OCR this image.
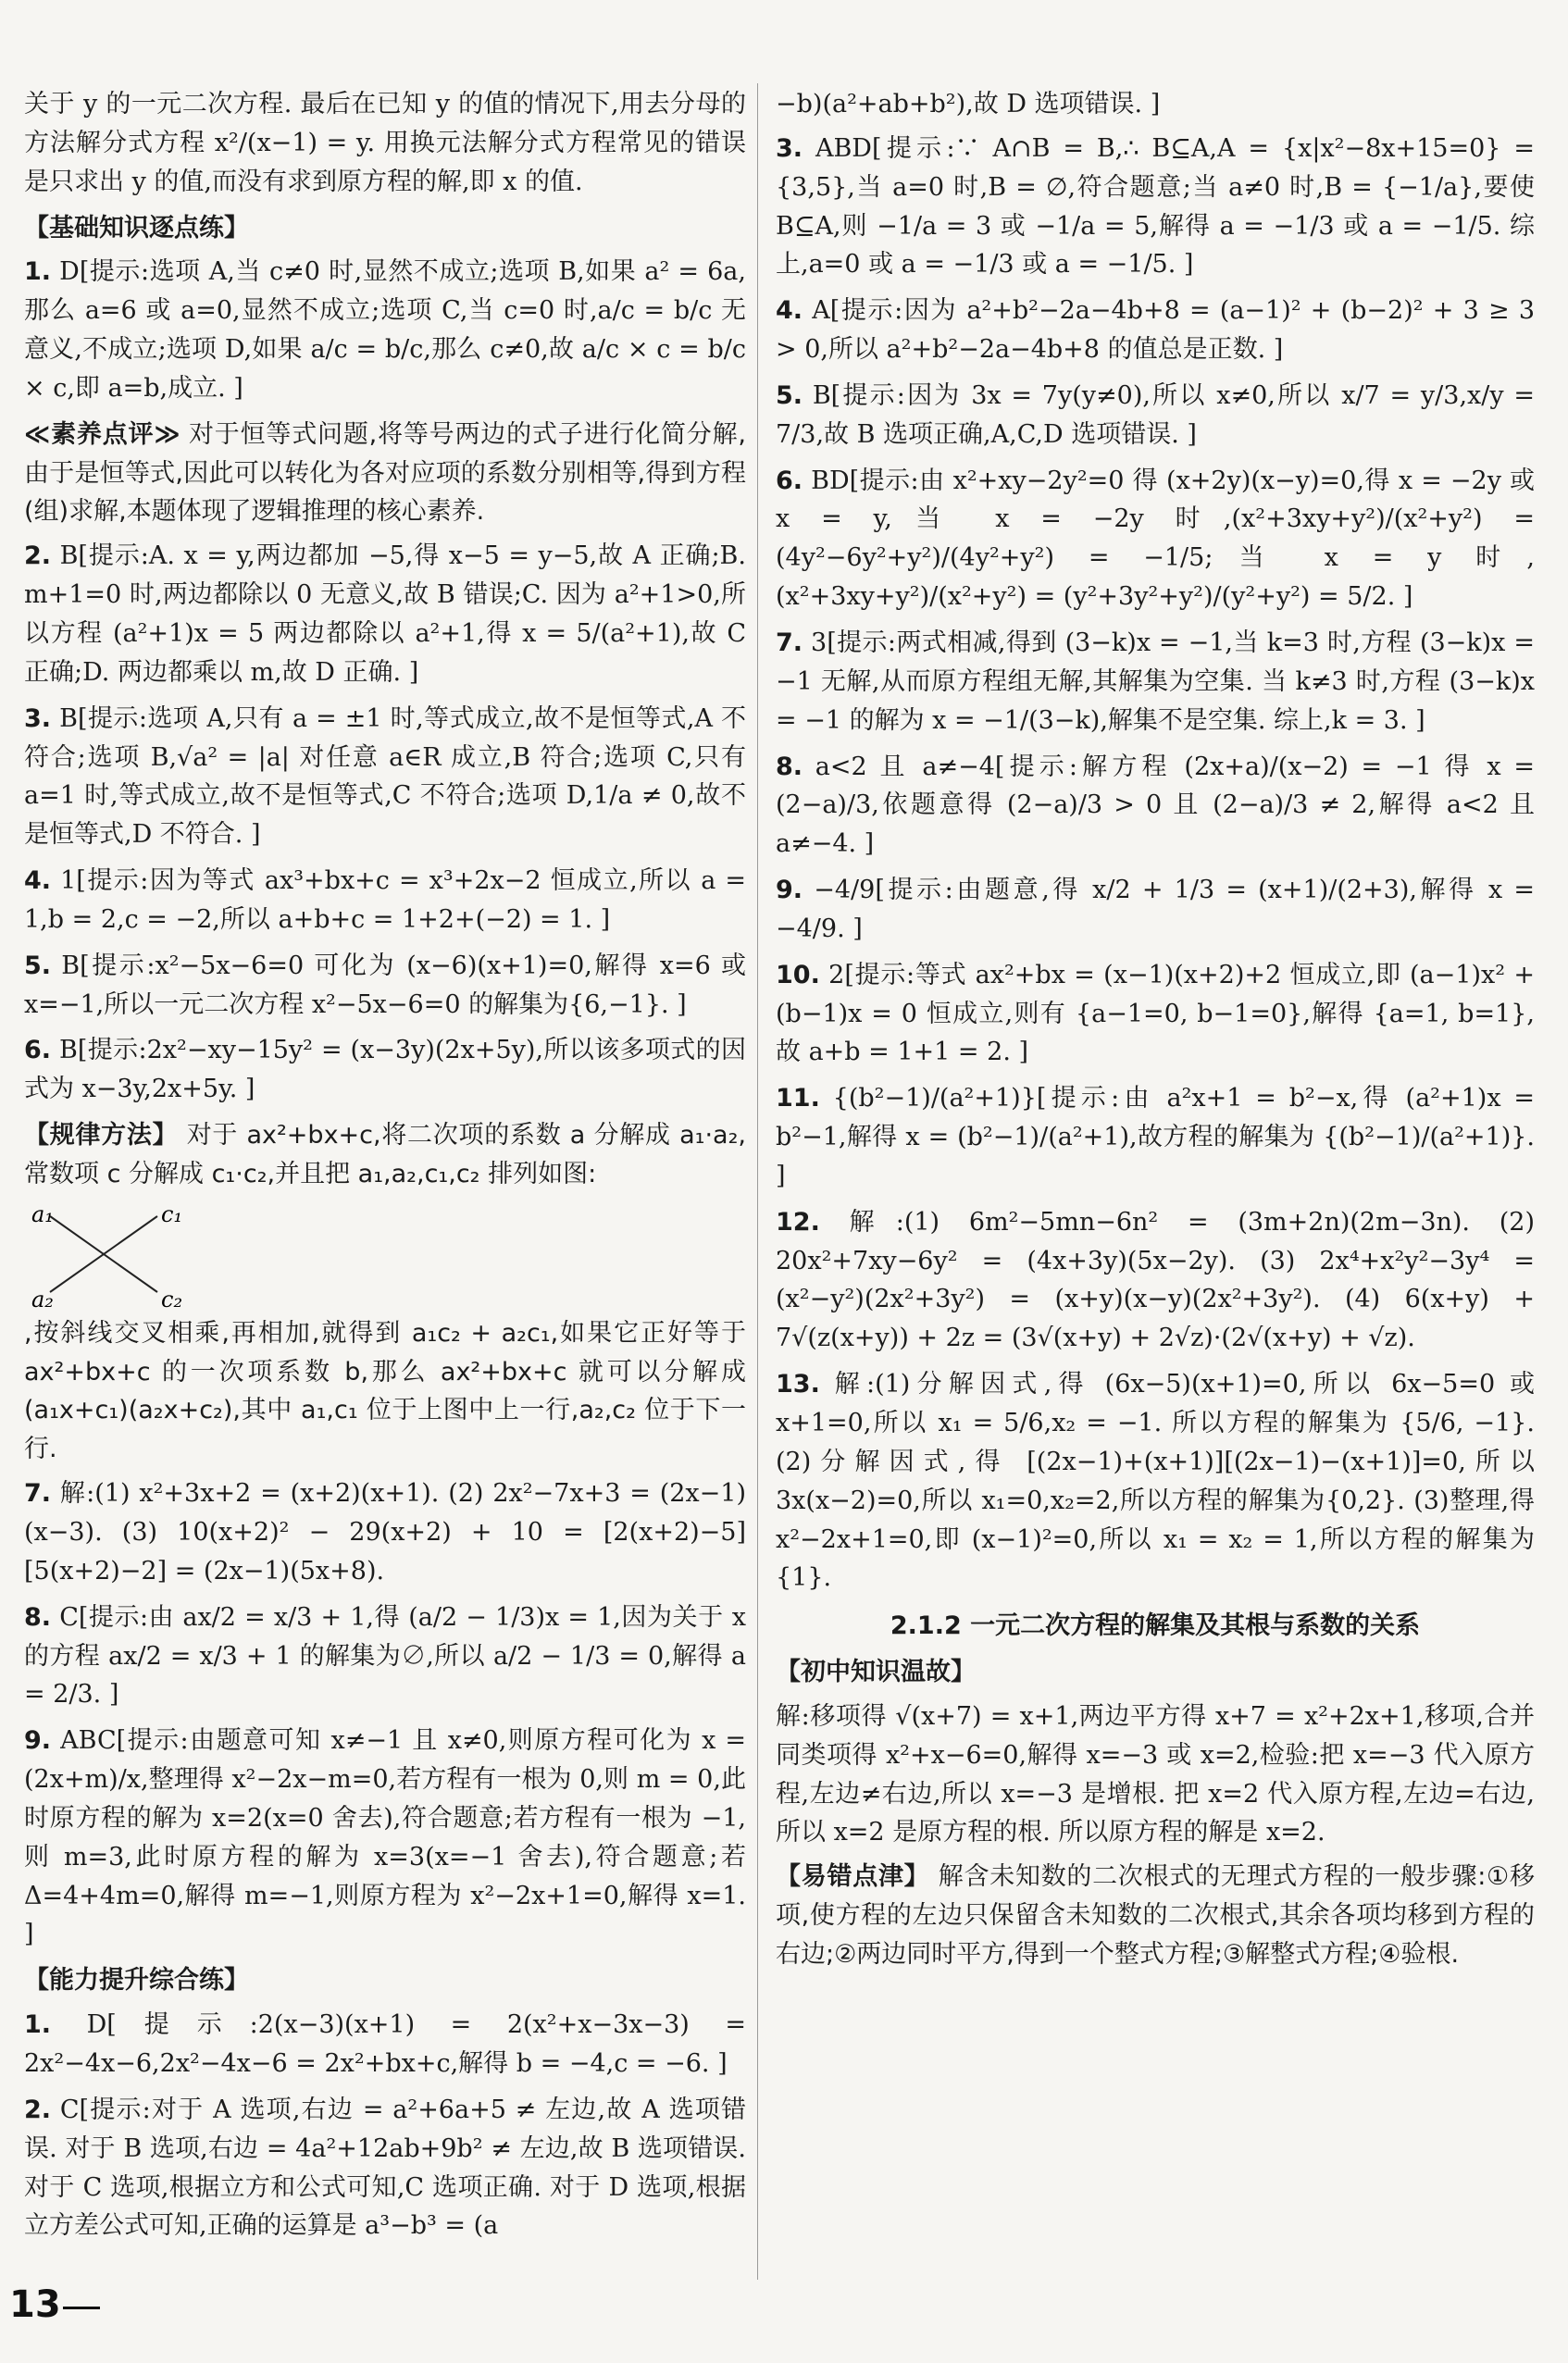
关于 y 的一元二次方程. 最后在已知 y 的值的情况下,用去分母的方法解分式方程 x²/(x−1) = y. 用换元法解分式方程常见的错误是只求出 y 的值,而没有求到原方程的解,即 x 的值.

【基础知识逐点练】
1. D[提示:选项 A,当 c≠0 时,显然不成立;选项 B,如果 a² = 6a,那么 a=6 或 a=0,显然不成立;选项 C,当 c=0 时,a/c = b/c 无意义,不成立;选项 D,如果 a/c = b/c,那么 c≠0,故 a/c × c = b/c × c,即 a=b,成立. ]

≪素养点评≫ 对于恒等式问题,将等号两边的式子进行化简分解,由于是恒等式,因此可以转化为各对应项的系数分别相等,得到方程(组)求解,本题体现了逻辑推理的核心素养.

2. B[提示:A. x = y,两边都加 −5,得 x−5 = y−5,故 A 正确;B. m+1=0 时,两边都除以 0 无意义,故 B 错误;C. 因为 a²+1>0,所以方程 (a²+1)x = 5 两边都除以 a²+1,得 x = 5/(a²+1),故 C 正确;D. 两边都乘以 m,故 D 正确. ]
3. B[提示:选项 A,只有 a = ±1 时,等式成立,故不是恒等式,A 不符合;选项 B,√a² = |a| 对任意 a∈R 成立,B 符合;选项 C,只有 a=1 时,等式成立,故不是恒等式,C 不符合;选项 D,1/a ≠ 0,故不是恒等式,D 不符合. ]
4. 1[提示:因为等式 ax³+bx+c = x³+2x−2 恒成立,所以 a = 1,b = 2,c = −2,所以 a+b+c = 1+2+(−2) = 1. ]
5. B[提示:x²−5x−6=0 可化为 (x−6)(x+1)=0,解得 x=6 或 x=−1,所以一元二次方程 x²−5x−6=0 的解集为{6,−1}. ]
6. B[提示:2x²−xy−15y² = (x−3y)(2x+5y),所以该多项式的因式为 x−3y,2x+5y. ]

【规律方法】 对于 ax²+bx+c,将二次项的系数 a 分解成 a₁·a₂,常数项 c 分解成 c₁·c₂,并且把 a₁,a₂,c₁,c₂ 排列如图:

a₁	c₁
a₂	c₂

,按斜线交叉相乘,再相加,就得到 a₁c₂ + a₂c₁,如果它正好等于 ax²+bx+c 的一次项系数 b,那么 ax²+bx+c 就可以分解成 (a₁x+c₁)(a₂x+c₂),其中 a₁,c₁ 位于上图中上一行,a₂,c₂ 位于下一行.

7. 解:(1) x²+3x+2 = (x+2)(x+1). (2) 2x²−7x+3 = (2x−1)(x−3). (3) 10(x+2)² − 29(x+2) + 10 = [2(x+2)−5][5(x+2)−2] = (2x−1)(5x+8).
8. C[提示:由 ax/2 = x/3 + 1,得 (a/2 − 1/3)x = 1,因为关于 x 的方程 ax/2 = x/3 + 1 的解集为∅,所以 a/2 − 1/3 = 0,解得 a = 2/3. ]
9. ABC[提示:由题意可知 x≠−1 且 x≠0,则原方程可化为 x = (2x+m)/x,整理得 x²−2x−m=0,若方程有一根为 0,则 m = 0,此时原方程的解为 x=2(x=0 舍去),符合题意;若方程有一根为 −1,则 m=3,此时原方程的解为 x=3(x=−1 舍去),符合题意;若 Δ=4+4m=0,解得 m=−1,则原方程为 x²−2x+1=0,解得 x=1. ]
【能力提升综合练】
1. D[提示:2(x−3)(x+1) = 2(x²+x−3x−3) = 2x²−4x−6,2x²−4x−6 = 2x²+bx+c,解得 b = −4,c = −6. ]
2. C[提示:对于 A 选项,右边 = a²+6a+5 ≠ 左边,故 A 选项错误. 对于 B 选项,右边 = 4a²+12ab+9b² ≠ 左边,故 B 选项错误. 对于 C 选项,根据立方和公式可知,C 选项正确. 对于 D 选项,根据立方差公式可知,正确的运算是 a³−b³ = (a

−b)(a²+ab+b²),故 D 选项错误. ]

3. ABD[提示:∵ A∩B = B,∴ B⊆A,A = {x|x²−8x+15=0} = {3,5},当 a=0 时,B = ∅,符合题意;当 a≠0 时,B = {−1/a},要使 B⊆A,则 −1/a = 3 或 −1/a = 5,解得 a = −1/3 或 a = −1/5. 综上,a=0 或 a = −1/3 或 a = −1/5. ]
4. A[提示:因为 a²+b²−2a−4b+8 = (a−1)² + (b−2)² + 3 ≥ 3 > 0,所以 a²+b²−2a−4b+8 的值总是正数. ]
5. B[提示:因为 3x = 7y(y≠0),所以 x≠0,所以 x/7 = y/3,x/y = 7/3,故 B 选项正确,A,C,D 选项错误. ]
6. BD[提示:由 x²+xy−2y²=0 得 (x+2y)(x−y)=0,得 x = −2y 或 x = y,当 x = −2y 时,(x²+3xy+y²)/(x²+y²) = (4y²−6y²+y²)/(4y²+y²) = −1/5;当 x = y 时,(x²+3xy+y²)/(x²+y²) = (y²+3y²+y²)/(y²+y²) = 5/2. ]
7. 3[提示:两式相减,得到 (3−k)x = −1,当 k=3 时,方程 (3−k)x = −1 无解,从而原方程组无解,其解集为空集. 当 k≠3 时,方程 (3−k)x = −1 的解为 x = −1/(3−k),解集不是空集. 综上,k = 3. ]
8. a<2 且 a≠−4[提示:解方程 (2x+a)/(x−2) = −1 得 x = (2−a)/3,依题意得 (2−a)/3 > 0 且 (2−a)/3 ≠ 2,解得 a<2 且 a≠−4. ]
9. −4/9[提示:由题意,得 x/2 + 1/3 = (x+1)/(2+3),解得 x = −4/9. ]
10. 2[提示:等式 ax²+bx = (x−1)(x+2)+2 恒成立,即 (a−1)x² + (b−1)x = 0 恒成立,则有 {a−1=0, b−1=0},解得 {a=1, b=1},故 a+b = 1+1 = 2. ]
11. {(b²−1)/(a²+1)}[提示:由 a²x+1 = b²−x,得 (a²+1)x = b²−1,解得 x = (b²−1)/(a²+1),故方程的解集为 {(b²−1)/(a²+1)}. ]
12. 解:(1) 6m²−5mn−6n² = (3m+2n)(2m−3n). (2) 20x²+7xy−6y² = (4x+3y)(5x−2y). (3) 2x⁴+x²y²−3y⁴ = (x²−y²)(2x²+3y²) = (x+y)(x−y)(2x²+3y²). (4) 6(x+y) + 7√(z(x+y)) + 2z = (3√(x+y) + 2√z)·(2√(x+y) + √z).
13. 解:(1)分解因式,得 (6x−5)(x+1)=0,所以 6x−5=0 或 x+1=0,所以 x₁ = 5/6,x₂ = −1. 所以方程的解集为 {5/6, −1}. (2)分解因式,得 [(2x−1)+(x+1)][(2x−1)−(x+1)]=0,所以 3x(x−2)=0,所以 x₁=0,x₂=2,所以方程的解集为{0,2}. (3)整理,得 x²−2x+1=0,即 (x−1)²=0,所以 x₁ = x₂ = 1,所以方程的解集为{1}.
2.1.2 一元二次方程的解集及其根与系数的关系
【初中知识温故】

解:移项得 √(x+7) = x+1,两边平方得 x+7 = x²+2x+1,移项,合并同类项得 x²+x−6=0,解得 x=−3 或 x=2,检验:把 x=−3 代入原方程,左边≠右边,所以 x=−3 是增根. 把 x=2 代入原方程,左边=右边,所以 x=2 是原方程的根. 所以原方程的解是 x=2.

【易错点津】 解含未知数的二次根式的无理式方程的一般步骤:①移项,使方程的左边只保留含未知数的二次根式,其余各项均移到方程的右边;②两边同时平方,得到一个整式方程;③解整式方程;④验根.

13
